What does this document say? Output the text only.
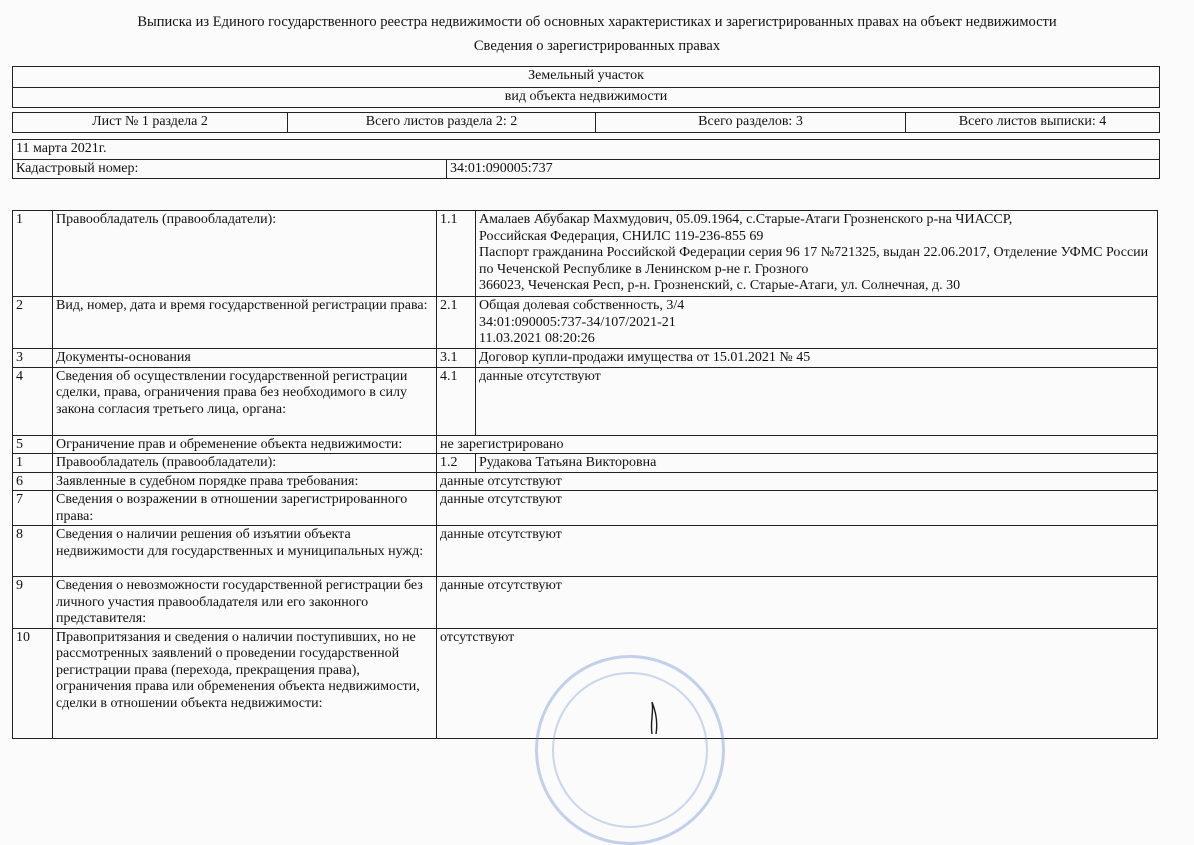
Выписка из Единого государственного реестра недвижимости об основных характеристиках и зарегистрированных правах на объект недвижимости
Сведения о зарегистрированных правах
Земельный участок
вид объекта недвижимости
Лист № 1 раздела 2	Всего листов раздела 2: 2	Всего разделов: 3	Всего листов выписки: 4
11 марта 2021г.
Кадастровый номер:	34:01:090005:737
1	Правообладатель (правообладатели):	1.1	Амалаев Абубакар Махмудович, 05.09.1964, с.Старые-Атаги Грозненского р-на ЧИАССР,
Российская Федерация, СНИЛС 119-236-855 69
Паспорт гражданина Российской Федерации серия 96 17 №721325, выдан 22.06.2017, Отделение УФМС России по Чеченской Республике в Ленинском р-не г. Грозного
366023, Чеченская Респ, р-н. Грозненский, с. Старые-Атаги, ул. Солнечная, д. 30
2	Вид, номер, дата и время государственной регистрации права:	2.1	Общая долевая собственность, 3/4
34:01:090005:737-34/107/2021-21
11.03.2021 08:20:26
3	Документы-основания	3.1	Договор купли-продажи имущества от 15.01.2021 № 45
4	Сведения об осуществлении государственной регистрации сделки, права, ограничения права без необходимого в силу закона согласия третьего лица, органа:	4.1	данные отсутствуют
5	Ограничение прав и обременение объекта недвижимости:	не зарегистрировано	
1	Правообладатель (правообладатели):	1.2	Рудакова Татьяна Викторовна
6	Заявленные в судебном порядке права требования:	данные отсутствуют	
7	Сведения о возражении в отношении зарегистрированного права:	данные отсутствуют	
8	Сведения о наличии решения об изъятии объекта недвижимости для государственных и муниципальных нужд:	данные отсутствуют	
9	Сведения о невозможности государственной регистрации без личного участия правообладателя или его законного представителя:	данные отсутствуют	
10	Правопритязания и сведения о наличии поступивших, но не рассмотренных заявлений о проведении государственной регистрации права (перехода, прекращения права), ограничения права или обременения объекта недвижимости, сделки в отношении объекта недвижимости:	отсутствуют	
